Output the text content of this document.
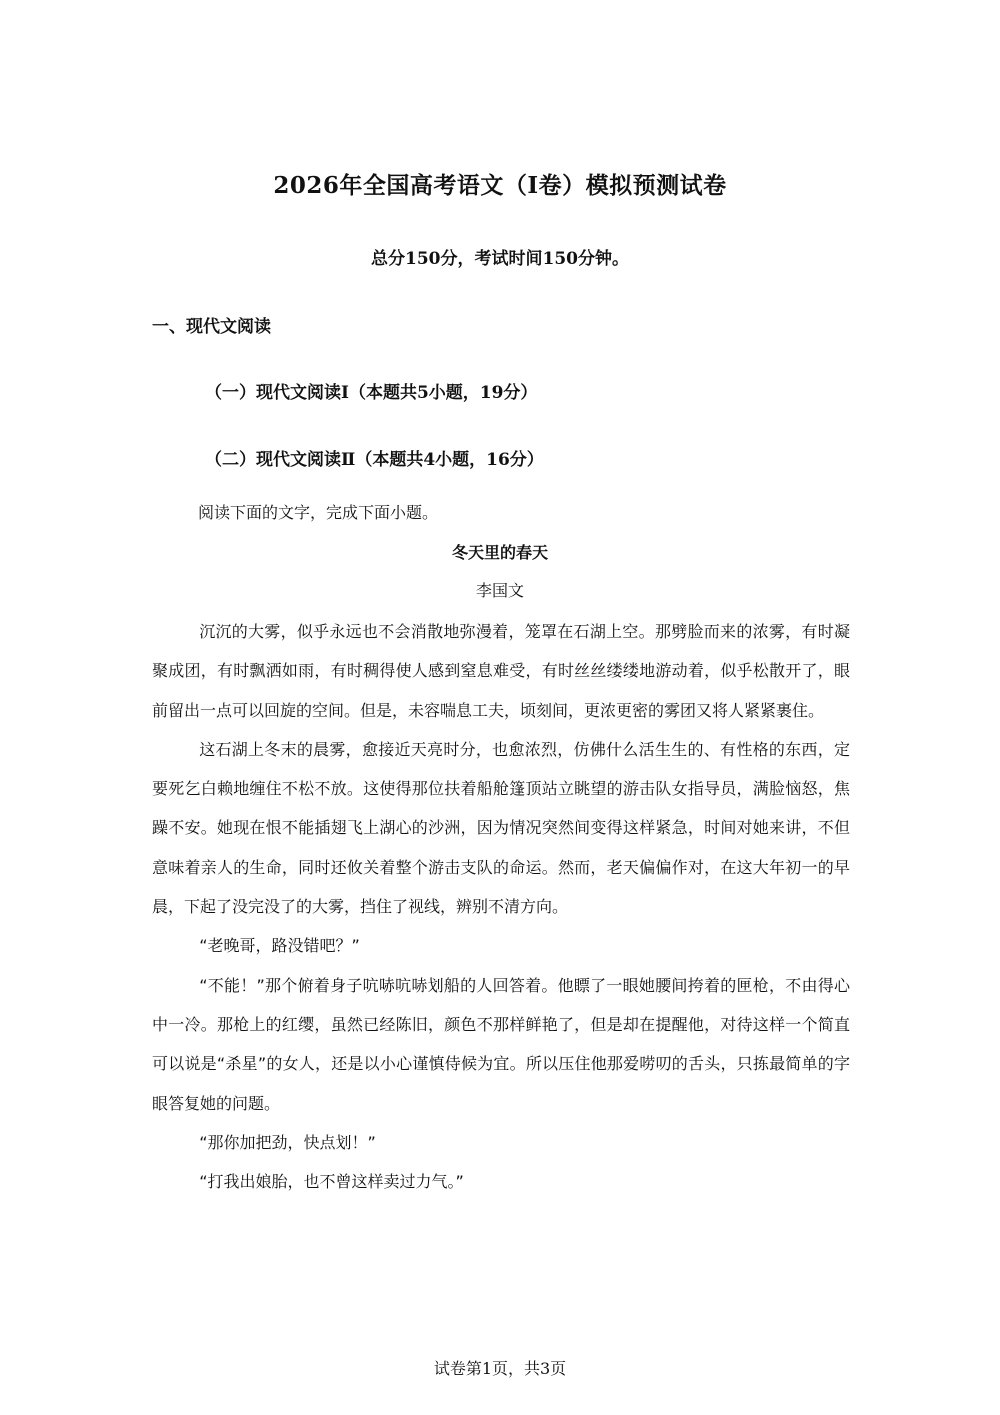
2026年全国高考语文（I卷）模拟预测试卷
总分150分，考试时间150分钟。
一、现代文阅读
（一）现代文阅读Ⅰ（本题共5小题，19分）
（二）现代文阅读Ⅱ（本题共4小题，16分）
阅读下面的文字，完成下面小题。
冬天里的春天
李国文

沉沉的大雾，似乎永远也不会消散地弥漫着，笼罩在石湖上空。那劈脸而来的浓雾，有时凝聚成团，有时飘洒如雨，有时稠得使人感到窒息难受，有时丝丝缕缕地游动着，似乎松散开了，眼前留出一点可以回旋的空间。但是，未容喘息工夫，顷刻间，更浓更密的雾团又将人紧紧裹住。

这石湖上冬末的晨雾，愈接近天亮时分，也愈浓烈，仿佛什么活生生的、有性格的东西，定要死乞白赖地缠住不松不放。这使得那位扶着船舱篷顶站立眺望的游击队女指导员，满脸恼怒，焦躁不安。她现在恨不能插翅飞上湖心的沙洲，因为情况突然间变得这样紧急，时间对她来讲，不但意味着亲人的生命，同时还攸关着整个游击支队的命运。然而，老天偏偏作对，在这大年初一的早晨，下起了没完没了的大雾，挡住了视线，辨别不清方向。

“老晚哥，路没错吧？”

“不能！”那个俯着身子吭哧吭哧划船的人回答着。他瞟了一眼她腰间挎着的匣枪，不由得心中一冷。那枪上的红缨，虽然已经陈旧，颜色不那样鲜艳了，但是却在提醒他，对待这样一个简直可以说是“杀星”的女人，还是以小心谨慎侍候为宜。所以压住他那爱唠叨的舌头，只拣最简单的字眼答复她的问题。

“那你加把劲，快点划！”

“打我出娘胎，也不曾这样卖过力气。”

试卷第1页，共3页
